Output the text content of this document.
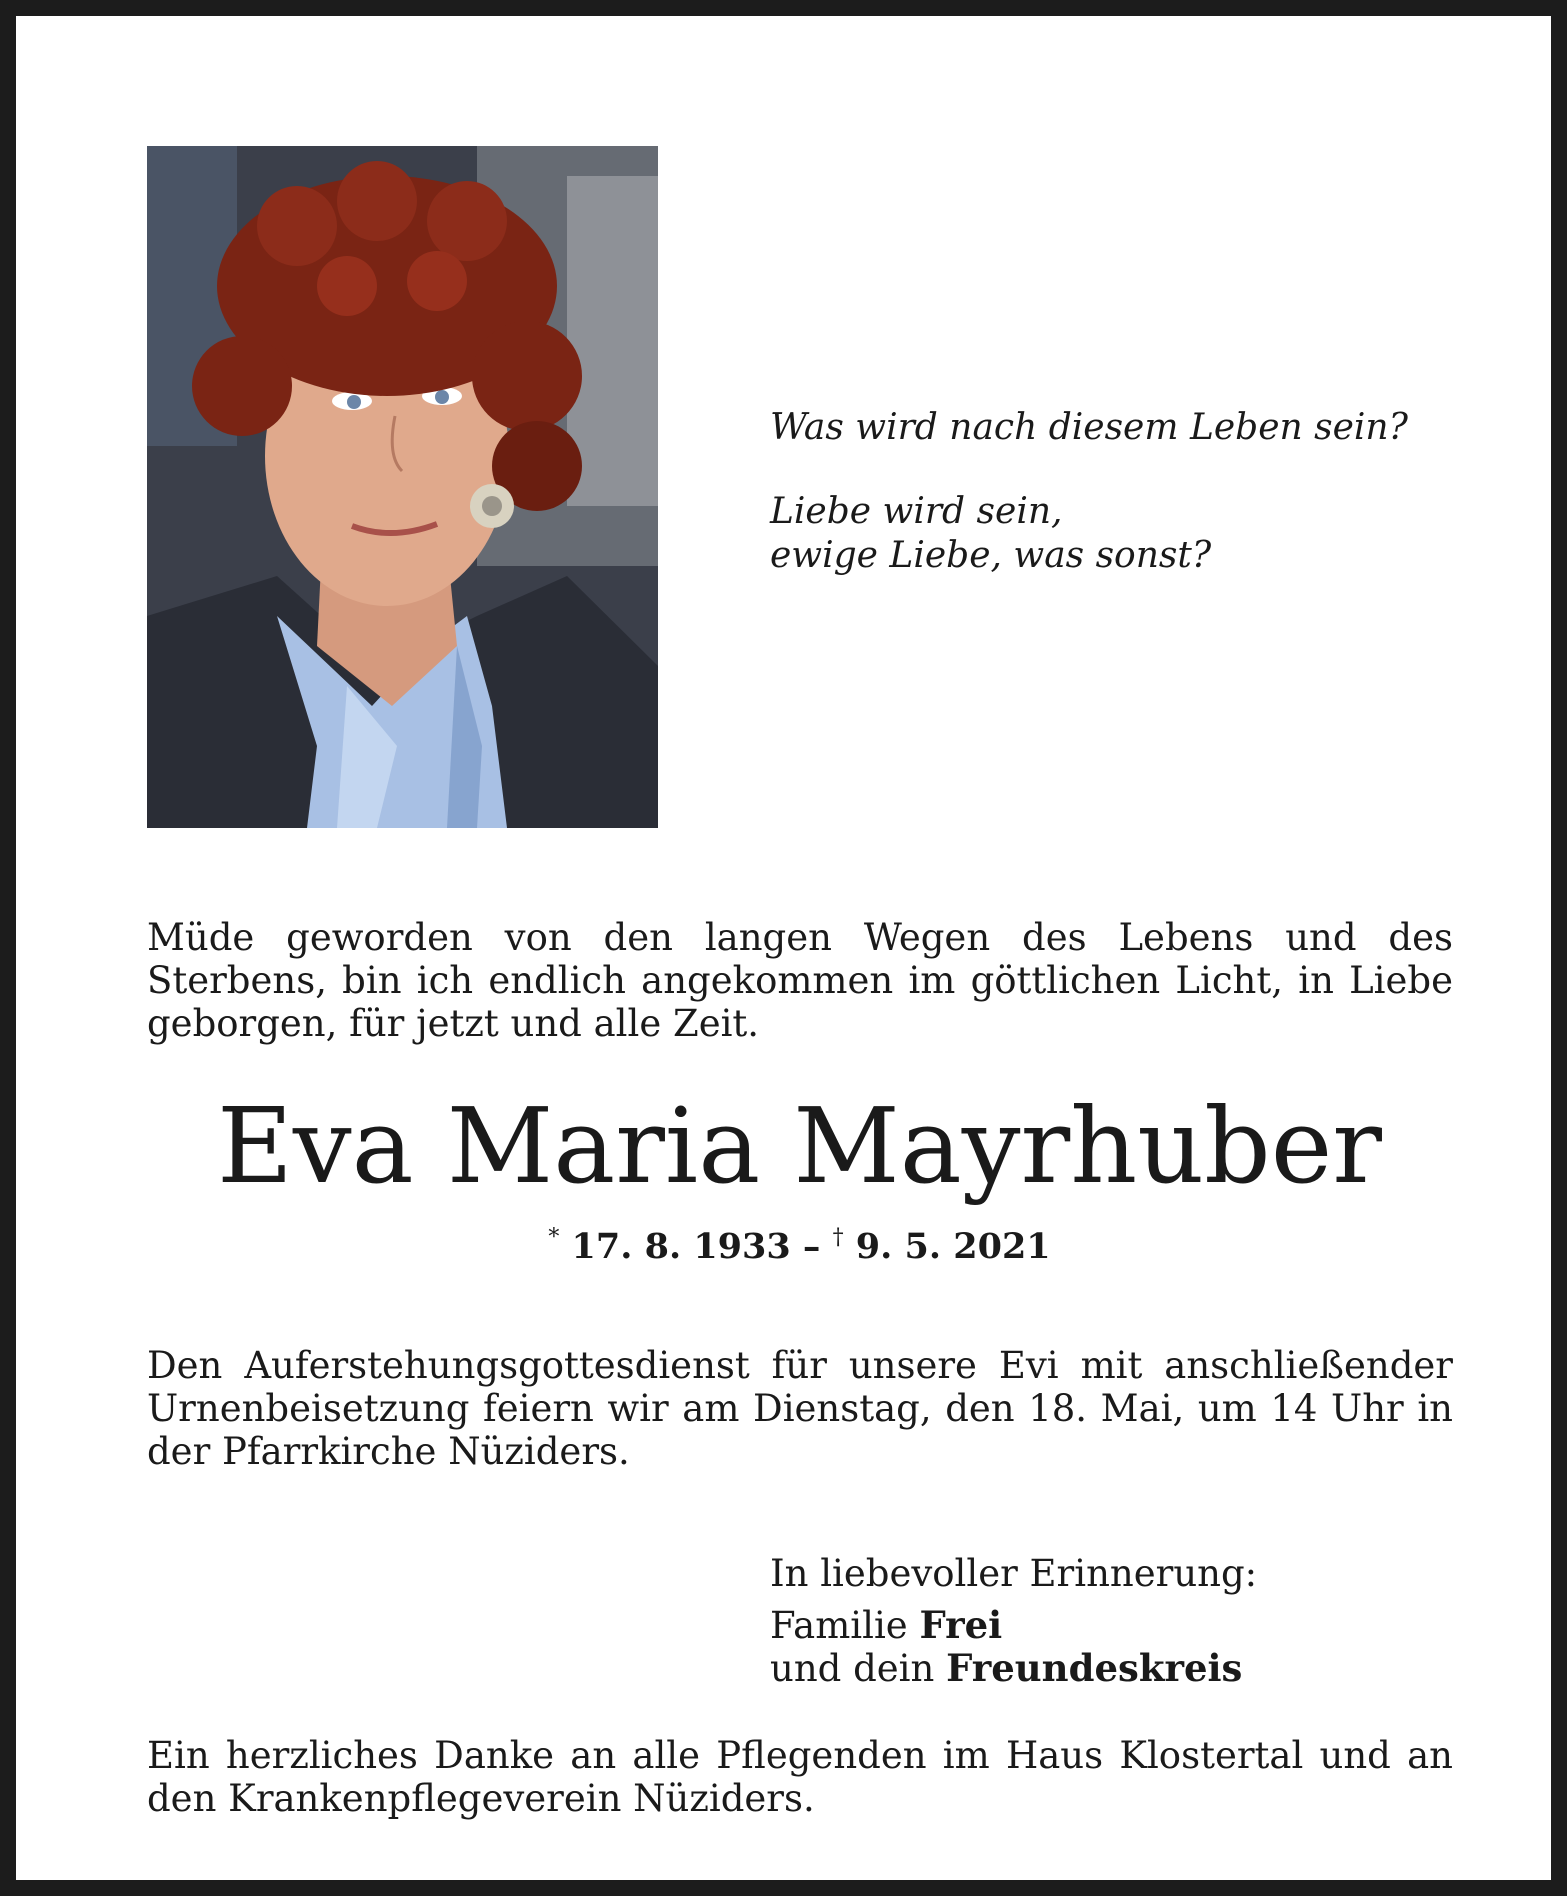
Was wird nach diesem Leben sein?

Liebe wird sein,

ewige Liebe, was sonst?

Müde geworden von den langen Wegen des Lebens und des Sterbens, bin ich endlich angekommen im göttlichen Licht, in Liebe geborgen, für jetzt und alle Zeit.

Eva Maria Mayrhuber
* 17. 8. 1933 – † 9. 5. 2021

Den Auferstehungsgottesdienst für unsere Evi mit anschließender Urnenbeisetzung feiern wir am Dienstag, den 18. Mai, um 14 Uhr in der Pfarrkirche Nüziders.

In liebevoller Erinnerung:

Familie Frei

und dein Freundeskreis

Ein herzliches Danke an alle Pflegenden im Haus Klostertal und an den Krankenpflegeverein Nüziders.
